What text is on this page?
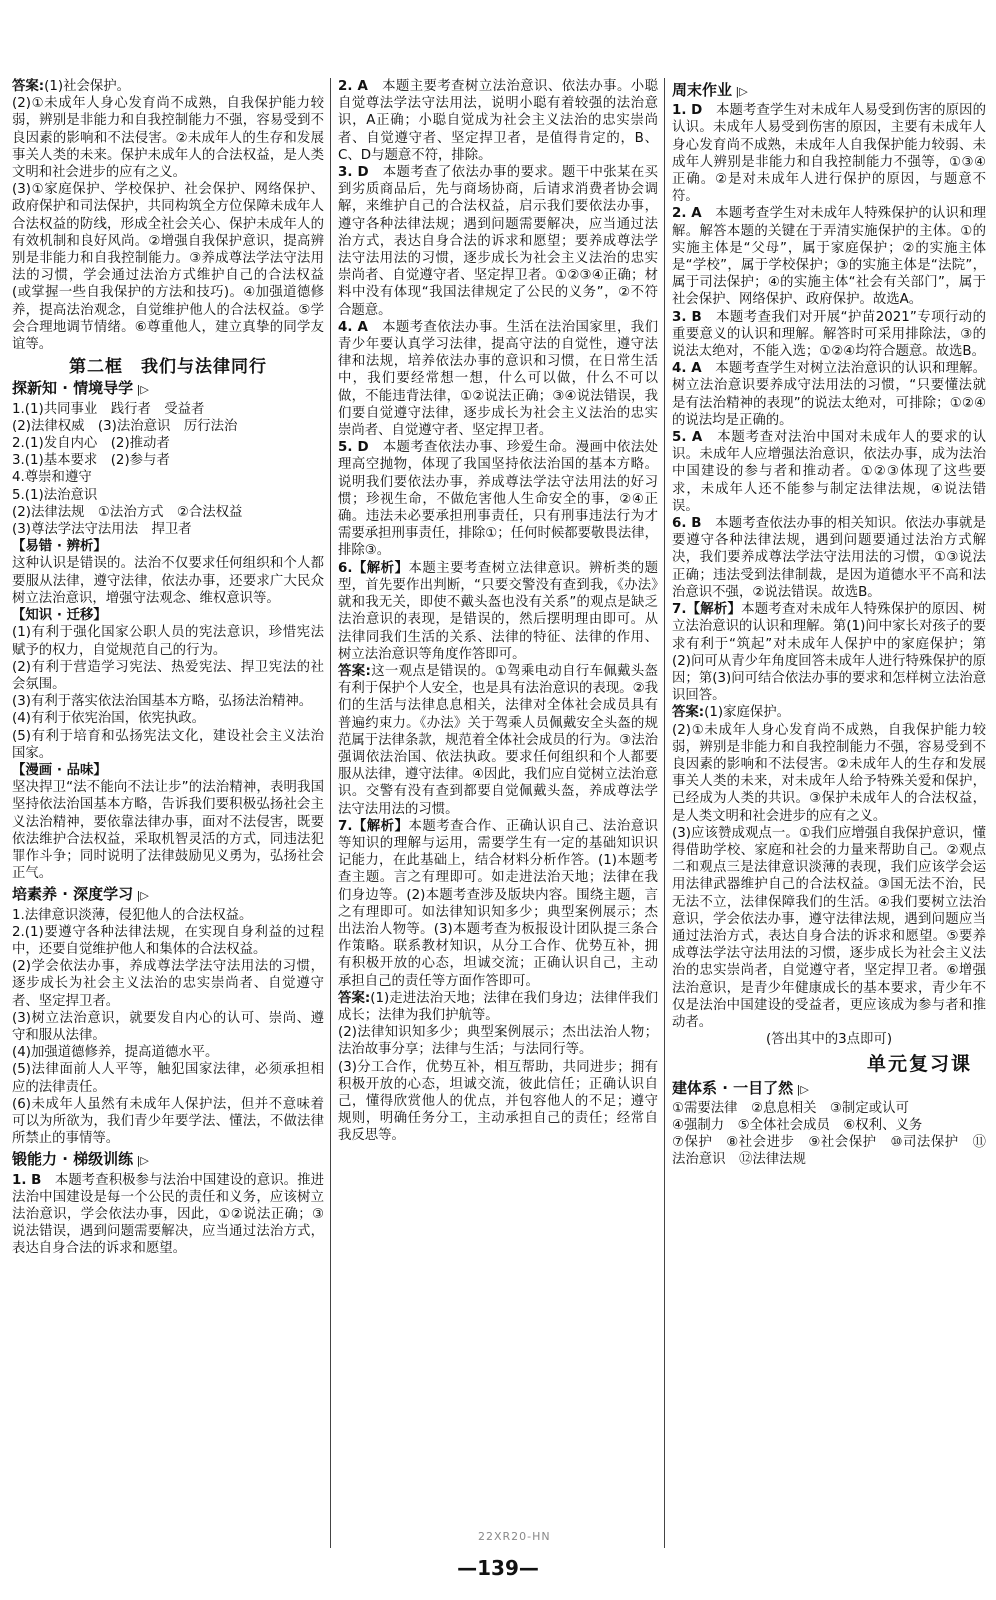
答案:(1)社会保护。

(2)①未成年人身心发育尚不成熟，自我保护能力较弱，辨别是非能力和自我控制能力不强，容易受到不良因素的影响和不法侵害。②未成年人的生存和发展事关人类的未来。保护未成年人的合法权益，是人类文明和社会进步的应有之义。

(3)①家庭保护、学校保护、社会保护、网络保护、政府保护和司法保护，共同构筑全方位保障未成年人合法权益的防线，形成全社会关心、保护未成年人的有效机制和良好风尚。②增强自我保护意识，提高辨别是非能力和自我控制能力。③养成尊法学法守法用法的习惯，学会通过法治方式维护自己的合法权益(或掌握一些自我保护的方法和技巧)。④加强道德修养，提高法治观念，自觉维护他人的合法权益。⑤学会合理地调节情绪。⑥尊重他人，建立真挚的同学友谊等。

第二框　我们与法律同行
探新知 · 情境导学 |▷

1.(1)共同事业　践行者　受益者

(2)法律权威　(3)法治意识　厉行法治

2.(1)发自内心　(2)推动者

3.(1)基本要求　(2)参与者

4.尊崇和遵守

5.(1)法治意识

(2)法律法规　①法治方式　②合法权益

(3)尊法学法守法用法　捍卫者

【易错 · 辨析】

这种认识是错误的。法治不仅要求任何组织和个人都要服从法律，遵守法律，依法办事，还要求广大民众树立法治意识，增强守法观念、维权意识等。

【知识 · 迁移】

(1)有利于强化国家公职人员的宪法意识，珍惜宪法赋予的权力，自觉规范自己的行为。

(2)有利于营造学习宪法、热爱宪法、捍卫宪法的社会氛围。

(3)有利于落实依法治国基本方略，弘扬法治精神。

(4)有利于依宪治国，依宪执政。

(5)有利于培育和弘扬宪法文化，建设社会主义法治国家。

【漫画 · 品味】

坚决捍卫“法不能向不法让步”的法治精神，表明我国坚持依法治国基本方略，告诉我们要积极弘扬社会主义法治精神，要依靠法律办事，面对不法侵害，既要依法维护合法权益，采取机智灵活的方式，同违法犯罪作斗争；同时说明了法律鼓励见义勇为，弘扬社会正气。

培素养 · 深度学习 |▷

1.法律意识淡薄，侵犯他人的合法权益。

2.(1)要遵守各种法律法规，在实现自身利益的过程中，还要自觉维护他人和集体的合法权益。

(2)学会依法办事，养成尊法学法守法用法的习惯，逐步成长为社会主义法治的忠实崇尚者、自觉遵守者、坚定捍卫者。

(3)树立法治意识，就要发自内心的认可、崇尚、遵守和服从法律。

(4)加强道德修养，提高道德水平。

(5)法律面前人人平等，触犯国家法律，必须承担相应的法律责任。

(6)未成年人虽然有未成年人保护法，但并不意味着可以为所欲为，我们青少年要学法、懂法，不做法律所禁止的事情等。

锻能力 · 梯级训练 |▷

1. B　本题考查积极参与法治中国建设的意识。推进法治中国建设是每一个公民的责任和义务，应该树立法治意识，学会依法办事，因此，①②说法正确；③说法错误，遇到问题需要解决，应当通过法治方式，表达自身合法的诉求和愿望。

2. A　本题主要考查树立法治意识、依法办事。小聪自觉尊法学法守法用法，说明小聪有着较强的法治意识，A正确；小聪自觉成为社会主义法治的忠实崇尚者、自觉遵守者、坚定捍卫者，是值得肯定的，B、C、D与题意不符，排除。

3. D　本题考查了依法办事的要求。题干中张某在买到劣质商品后，先与商场协商，后请求消费者协会调解，来维护自己的合法权益，启示我们要依法办事，遵守各种法律法规；遇到问题需要解决，应当通过法治方式，表达自身合法的诉求和愿望；要养成尊法学法守法用法的习惯，逐步成长为社会主义法治的忠实崇尚者、自觉遵守者、坚定捍卫者。①②③④正确；材料中没有体现“我国法律规定了公民的义务”，②不符合题意。

4. A　本题考查依法办事。生活在法治国家里，我们青少年要认真学习法律，提高守法的自觉性，遵守法律和法规，培养依法办事的意识和习惯，在日常生活中，我们要经常想一想，什么可以做，什么不可以做，不能违背法律，①②说法正确；③④说法错误，我们要自觉遵守法律，逐步成长为社会主义法治的忠实崇尚者、自觉遵守者、坚定捍卫者。

5. D　本题考查依法办事、珍爱生命。漫画中依法处理高空抛物，体现了我国坚持依法治国的基本方略。说明我们要依法办事，养成尊法学法守法用法的好习惯；珍视生命，不做危害他人生命安全的事，②④正确。违法未必要承担刑事责任，只有刑事违法行为才需要承担刑事责任，排除①；任何时候都要敬畏法律，排除③。

6.【解析】本题主要考查树立法律意识。辨析类的题型，首先要作出判断，“只要交警没有查到我，《办法》就和我无关，即使不戴头盔也没有关系”的观点是缺乏法治意识的表现，是错误的，然后摆明理由即可。从法律同我们生活的关系、法律的特征、法律的作用、树立法治意识等角度作答即可。

答案:这一观点是错误的。①驾乘电动自行车佩戴头盔有利于保护个人安全，也是具有法治意识的表现。②我们的生活与法律息息相关，法律对全体社会成员具有普遍约束力。《办法》关于驾乘人员佩戴安全头盔的规范属于法律条款，规范着全体社会成员的行为。③法治强调依法治国、依法执政。要求任何组织和个人都要服从法律，遵守法律。④因此，我们应自觉树立法治意识。交警有没有查到都要自觉佩戴头盔，养成尊法学法守法用法的习惯。

7.【解析】本题考查合作、正确认识自己、法治意识等知识的理解与运用，需要学生有一定的基础知识识记能力，在此基础上，结合材料分析作答。(1)本题考查主题。言之有理即可。如走进法治天地；法律在我们身边等。(2)本题考查涉及版块内容。围绕主题，言之有理即可。如法律知识知多少；典型案例展示；杰出法治人物等。(3)本题考查为板报设计团队提三条合作策略。联系教材知识，从分工合作、优势互补，拥有积极开放的心态，坦诚交流；正确认识自己，主动承担自己的责任等方面作答即可。

答案:(1)走进法治天地；法律在我们身边；法律伴我们成长；法律为我们护航等。

(2)法律知识知多少；典型案例展示；杰出法治人物；法治故事分享；法律与生活；与法同行等。

(3)分工合作，优势互补，相互帮助，共同进步；拥有积极开放的心态，坦诚交流，彼此信任；正确认识自己，懂得欣赏他人的优点，并包容他人的不足；遵守规则，明确任务分工，主动承担自己的责任；经常自我反思等。

周末作业 |▷

1. D　本题考查学生对未成年人易受到伤害的原因的认识。未成年人易受到伤害的原因，主要有未成年人身心发育尚不成熟，未成年人自我保护能力较弱、未成年人辨别是非能力和自我控制能力不强等，①③④正确。②是对未成年人进行保护的原因，与题意不符。

2. A　本题考查学生对未成年人特殊保护的认识和理解。解答本题的关键在于弄清实施保护的主体。①的实施主体是“父母”，属于家庭保护；②的实施主体是“学校”，属于学校保护；③的实施主体是“法院”，属于司法保护；④的实施主体“社会有关部门”，属于社会保护、网络保护、政府保护。故选A。

3. B　本题考查我们对开展“护苗2021”专项行动的重要意义的认识和理解。解答时可采用排除法，③的说法太绝对，不能入选；①②④均符合题意。故选B。

4. A　本题考查学生对树立法治意识的认识和理解。树立法治意识要养成守法用法的习惯，“只要懂法就是有法治精神的表现”的说法太绝对，可排除；①②④的说法均是正确的。

5. A　本题考查对法治中国对未成年人的要求的认识。未成年人应增强法治意识，依法办事，成为法治中国建设的参与者和推动者。①②③体现了这些要求，未成年人还不能参与制定法律法规，④说法错误。

6. B　本题考查依法办事的相关知识。依法办事就是要遵守各种法律法规，遇到问题要通过法治方式解决，我们要养成尊法学法守法用法的习惯，①③说法正确；违法受到法律制裁，是因为道德水平不高和法治意识不强，②说法错误。故选B。

7.【解析】本题考查对未成年人特殊保护的原因、树立法治意识的认识和理解。第(1)问中家长对孩子的要求有利于“筑起”对未成年人保护中的家庭保护；第(2)问可从青少年角度回答未成年人进行特殊保护的原因；第(3)问可结合依法办事的要求和怎样树立法治意识回答。

答案:(1)家庭保护。

(2)①未成年人身心发育尚不成熟，自我保护能力较弱，辨别是非能力和自我控制能力不强，容易受到不良因素的影响和不法侵害。②未成年人的生存和发展事关人类的未来，对未成年人给予特殊关爱和保护，已经成为人类的共识。③保护未成年人的合法权益，是人类文明和社会进步的应有之义。

(3)应该赞成观点一。①我们应增强自我保护意识，懂得借助学校、家庭和社会的力量来帮助自己。②观点二和观点三是法律意识淡薄的表现，我们应该学会运用法律武器维护自己的合法权益。③国无法不治，民无法不立，法律保障我们的生活。④我们要树立法治意识，学会依法办事，遵守法律法规，遇到问题应当通过法治方式，表达自身合法的诉求和愿望。⑤要养成尊法学法守法用法的习惯，逐步成长为社会主义法治的忠实崇尚者，自觉遵守者，坚定捍卫者。⑥增强法治意识，是青少年健康成长的基本要求，青少年不仅是法治中国建设的受益者，更应该成为参与者和推动者。

(答出其中的3点即可)

单元复习课
建体系 · 一目了然 |▷

①需要法律　②息息相关　③制定或认可

④强制力　⑤全体社会成员　⑥权利、义务

⑦保护　⑧社会进步　⑨社会保护　⑩司法保护　⑪法治意识　⑫法律法规

22XR20-HN
—139—
